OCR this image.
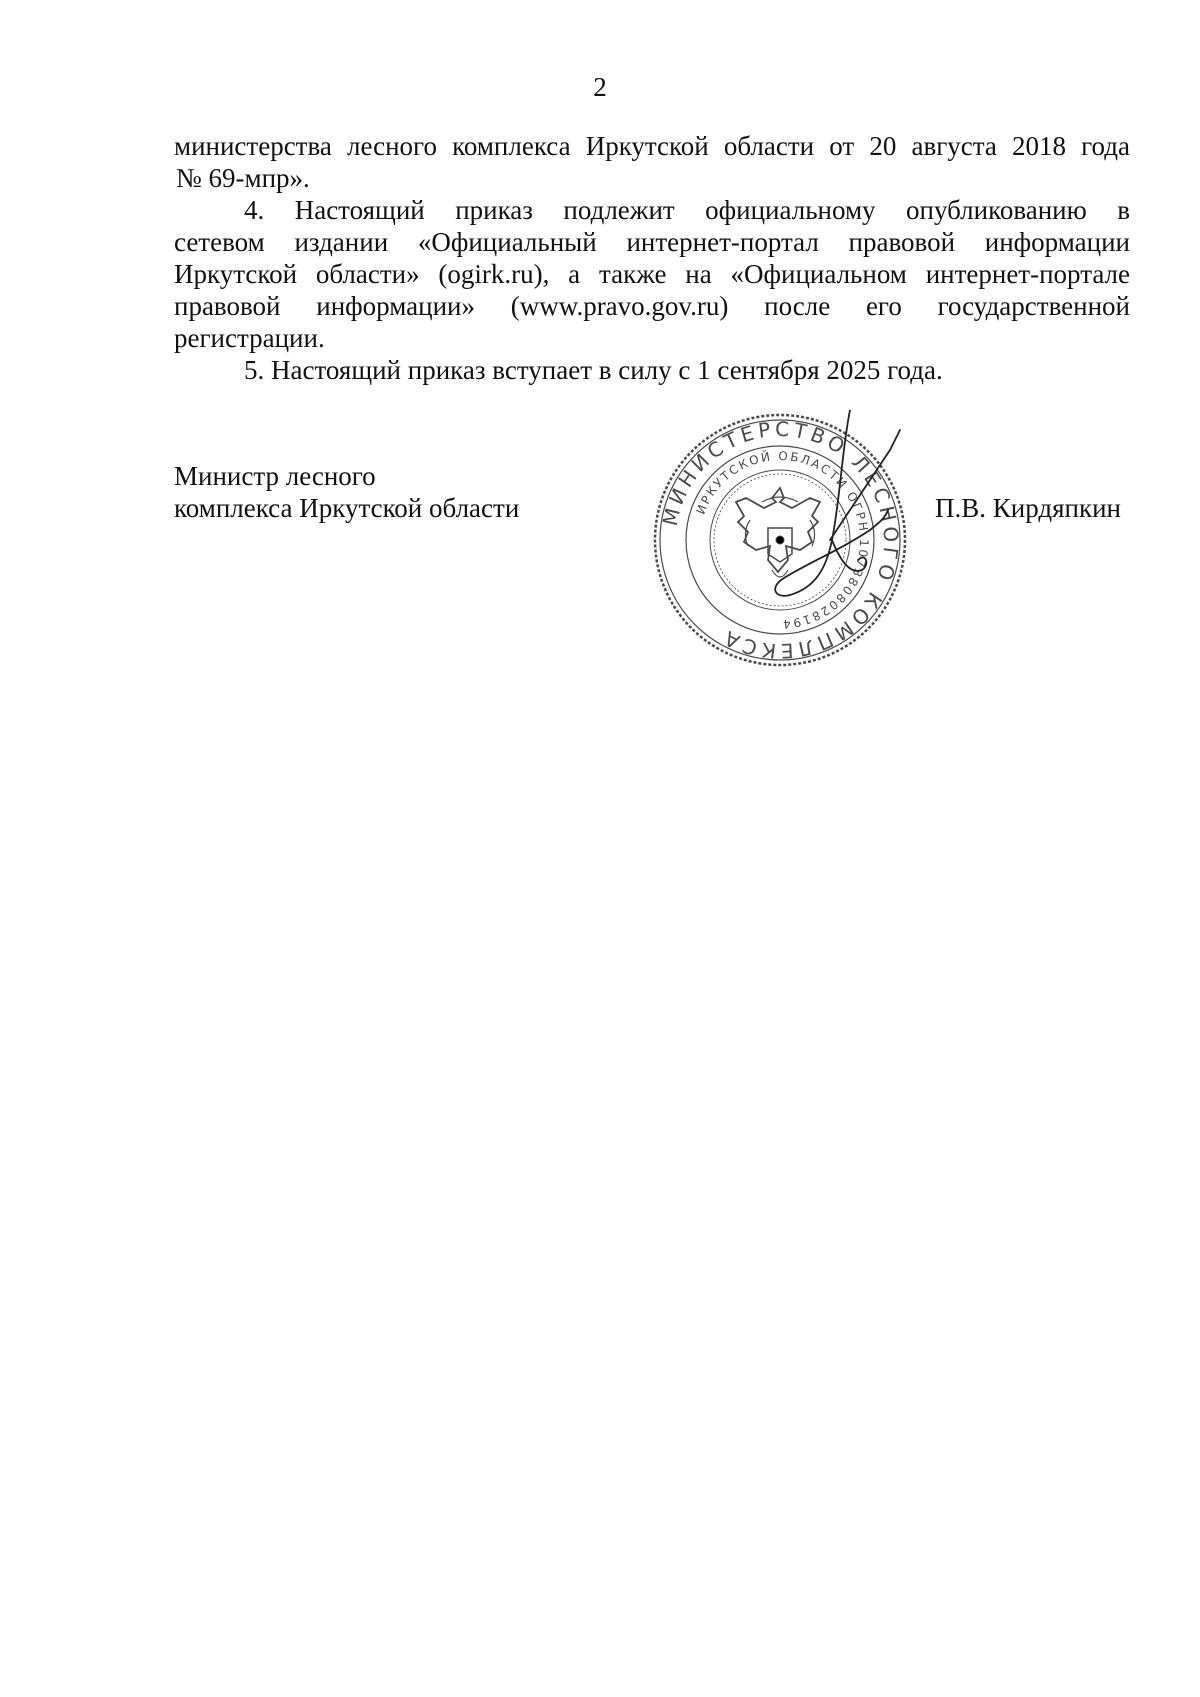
2
министерства лесного комплекса Иркутской области от 20 августа 2018 года
№ 69-мпр».
4. Настоящий приказ подлежит официальному опубликованию в
сетевом издании «Официальный интернет-портал правовой информации
Иркутской области» (ogirk.ru), а также на «Официальном интернет-портале
правовой информации» (www.pravo.gov.ru) после его государственной
регистрации.
5. Настоящий приказ вступает в силу с 1 сентября 2025 года.
Министр лесного
комплекса Иркутской области	МИНИСТЕРСТВО ЛЕСНОГО КОМПЛЕКСА
ИРКУТСКОЙ ОБЛАСТИ ОГРН 1073808028194
П.В. Кирдяпкин
